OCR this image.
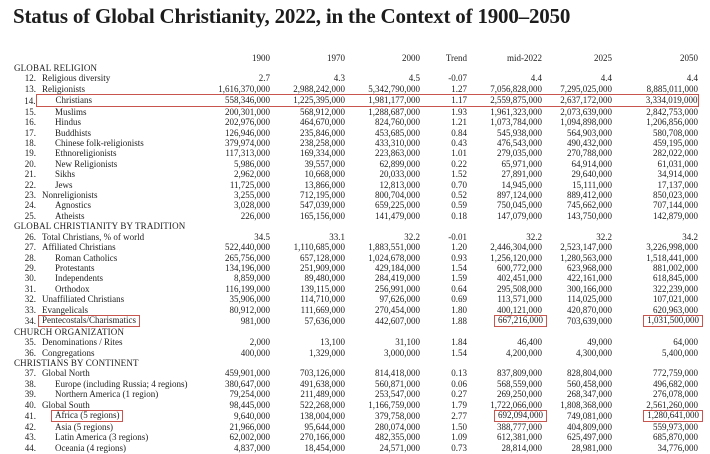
Status of Global Christianity, 2022, in the Context of 1900–2050
		1900	1970	2000	Trend	mid-2022	2025	2050
GLOBAL RELIGION								
12.	Religious diversity	2.7	4.3	4.5	-0.07	4.4	4.4	4.4
13.	Religionists	1,616,370,000	2,988,242,000	5,342,790,000	1.27	7,056,828,000	7,295,025,000	8,885,011,000
14.	Christians	558,346,000	1,225,395,000	1,981,177,000	1.17	2,559,875,000	2,637,172,000	3,334,019,000
15.	Muslims	200,301,000	568,912,000	1,288,687,000	1.93	1,961,323,000	2,073,639,000	2,842,753,000
16.	Hindus	202,976,000	464,670,000	824,760,000	1.21	1,073,784,000	1,094,898,000	1,206,856,000
17.	Buddhists	126,946,000	235,846,000	453,685,000	0.84	545,938,000	564,903,000	580,708,000
18.	Chinese folk-religionists	379,974,000	238,258,000	433,310,000	0.43	476,543,000	490,432,000	459,195,000
19.	Ethnoreligionists	117,313,000	169,334,000	223,863,000	1.01	279,035,000	270,788,000	282,022,000
20.	New Religionists	5,986,000	39,557,000	62,899,000	0.22	65,971,000	64,914,000	61,031,000
21.	Sikhs	2,962,000	10,668,000	20,033,000	1.52	27,891,000	29,640,000	34,914,000
22.	Jews	11,725,000	13,866,000	12,813,000	0.70	14,945,000	15,111,000	17,137,000
23.	Nonreligionists	3,255,000	712,195,000	800,704,000	0.52	897,124,000	889,412,000	850,023,000
24.	Agnostics	3,028,000	547,039,000	659,225,000	0.59	750,045,000	745,662,000	707,144,000
25.	Atheists	226,000	165,156,000	141,479,000	0.18	147,079,000	143,750,000	142,879,000
GLOBAL CHRISTIANITY BY TRADITION								
26.	Total Christians, % of world	34.5	33.1	32.2	-0.01	32.2	32.2	34.2
27.	Affiliated Christians	522,440,000	1,110,685,000	1,883,551,000	1.20	2,446,304,000	2,523,147,000	3,226,998,000
28.	Roman Catholics	265,756,000	657,128,000	1,024,678,000	0.93	1,256,120,000	1,280,563,000	1,518,441,000
29.	Protestants	134,196,000	251,909,000	429,184,000	1.54	600,772,000	623,968,000	881,002,000
30.	Independents	8,859,000	89,480,000	284,419,000	1.59	402,451,000	422,161,000	618,845,000
31.	Orthodox	116,199,000	139,115,000	256,991,000	0.64	295,508,000	300,166,000	322,239,000
32.	Unaffiliated Christians	35,906,000	114,710,000	97,626,000	0.69	113,571,000	114,025,000	107,021,000
33.	Evangelicals	80,912,000	111,669,000	270,454,000	1.80	400,121,000	420,870,000	620,963,000
34.	Pentecostals/Charismatics	981,000	57,636,000	442,607,000	1.88	667,216,000	703,639,000	1,031,500,000
CHURCH ORGANIZATION								
35.	Denominations / Rites	2,000	13,100	31,100	1.84	46,400	49,000	64,000
36.	Congregations	400,000	1,329,000	3,000,000	1.54	4,200,000	4,300,000	5,400,000
CHRISTIANS BY CONTINENT								
37.	Global North	459,901,000	703,126,000	814,418,000	0.13	837,809,000	828,804,000	772,759,000
38.	Europe (including Russia; 4 regions)	380,647,000	491,638,000	560,871,000	0.06	568,559,000	560,458,000	496,682,000
39.	Northern America (1 region)	79,254,000	211,489,000	253,547,000	0.27	269,250,000	268,347,000	276,078,000
40.	Global South	98,445,000	522,268,000	1,166,759,000	1.79	1,722,066,000	1,808,368,000	2,561,260,000
41.	Africa (5 regions)	9,640,000	138,004,000	379,758,000	2.77	692,094,000	749,081,000	1,280,641,000
42.	Asia (5 regions)	21,966,000	95,644,000	280,074,000	1.50	388,777,000	404,809,000	559,973,000
43.	Latin America (3 regions)	62,002,000	270,166,000	482,355,000	1.09	612,381,000	625,497,000	685,870,000
44.	Oceania (4 regions)	4,837,000	18,454,000	24,571,000	0.73	28,814,000	28,981,000	34,776,000
